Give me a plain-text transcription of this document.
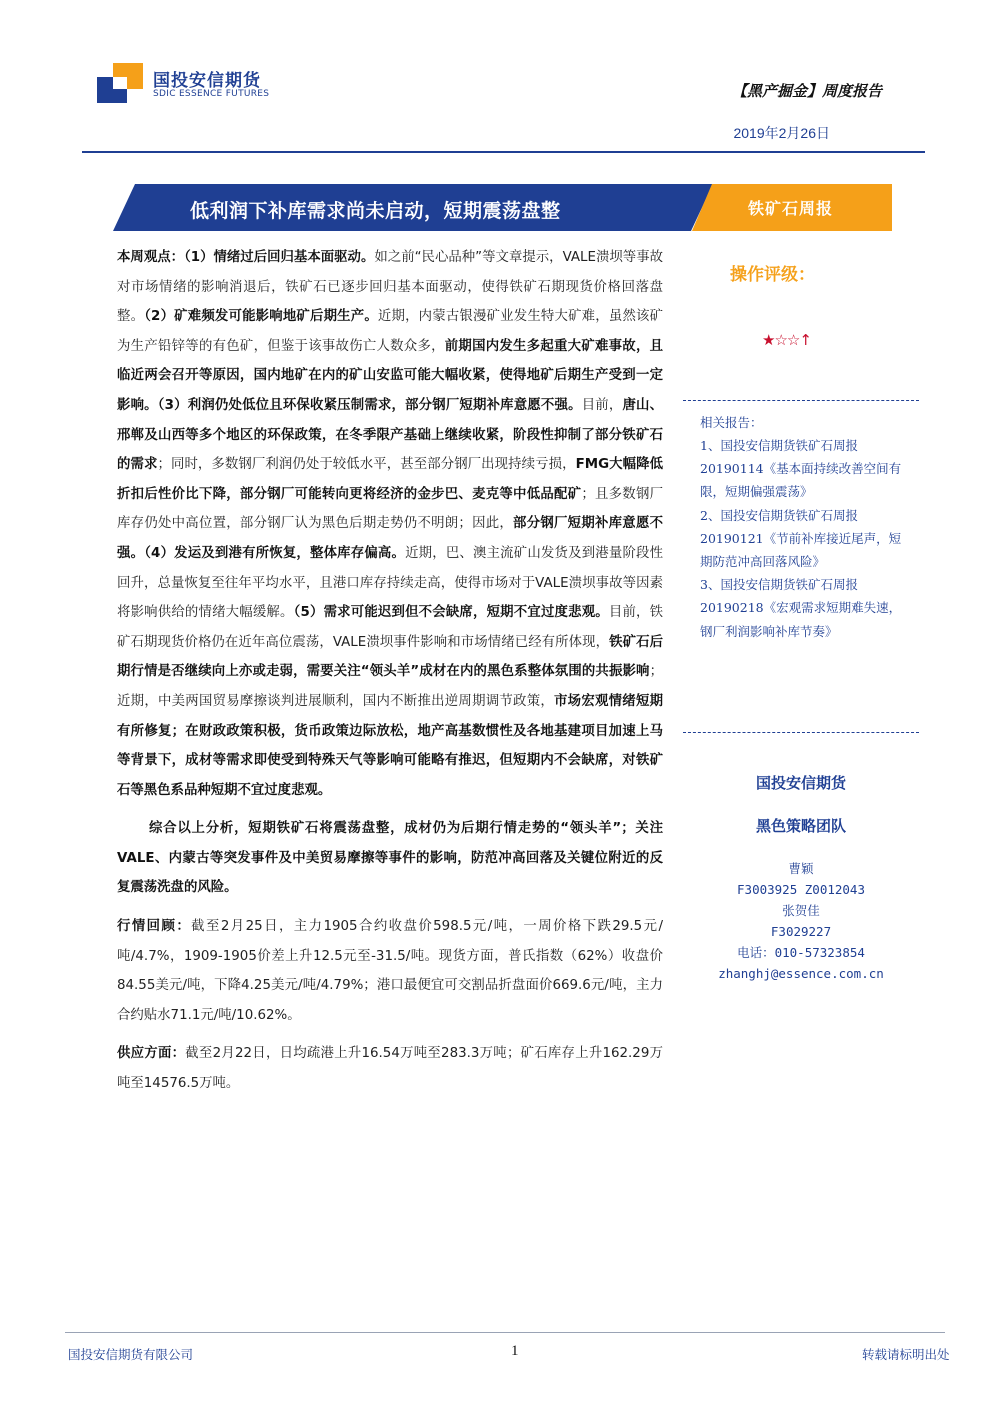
国投安信期货
SDIC ESSENCE FUTURES	【黑产掘金】周度报告
2019年2月26日
低利润下补库需求尚未启动，短期震荡盘整	铁矿石周报

本周观点：（1）情绪过后回归基本面驱动。如之前“民心品种”等文章提示，VALE溃坝等事故对市场情绪的影响消退后，铁矿石已逐步回归基本面驱动，使得铁矿石期现货价格回落盘整。（2）矿难频发可能影响地矿后期生产。近期，内蒙古银漫矿业发生特大矿难，虽然该矿为生产铅锌等的有色矿，但鉴于该事故伤亡人数众多，前期国内发生多起重大矿难事故，且临近两会召开等原因，国内地矿在内的矿山安监可能大幅收紧，使得地矿后期生产受到一定影响。（3）利润仍处低位且环保收紧压制需求，部分钢厂短期补库意愿不强。目前，唐山、邢郸及山西等多个地区的环保政策，在冬季限产基础上继续收紧，阶段性抑制了部分铁矿石的需求；同时，多数钢厂利润仍处于较低水平，甚至部分钢厂出现持续亏损，FMG大幅降低折扣后性价比下降，部分钢厂可能转向更将经济的金步巴、麦克等中低品配矿；且多数钢厂库存仍处中高位置，部分钢厂认为黑色后期走势仍不明朗；因此，部分钢厂短期补库意愿不强。（4）发运及到港有所恢复，整体库存偏高。近期，巴、澳主流矿山发货及到港量阶段性回升，总量恢复至往年平均水平，且港口库存持续走高，使得市场对于VALE溃坝事故等因素将影响供给的情绪大幅缓解。（5）需求可能迟到但不会缺席，短期不宜过度悲观。目前，铁矿石期现货价格仍在近年高位震荡，VALE溃坝事件影响和市场情绪已经有所体现，铁矿石后期行情是否继续向上亦或走弱，需要关注“领头羊”成材在内的黑色系整体氛围的共振影响；近期，中美两国贸易摩擦谈判进展顺利，国内不断推出逆周期调节政策，市场宏观情绪短期有所修复；在财政政策积极，货币政策边际放松，地产高基数惯性及各地基建项目加速上马等背景下，成材等需求即使受到特殊天气等影响可能略有推迟，但短期内不会缺席，对铁矿石等黑色系品种短期不宜过度悲观。

综合以上分析，短期铁矿石将震荡盘整，成材仍为后期行情走势的“领头羊”；关注VALE、内蒙古等突发事件及中美贸易摩擦等事件的影响，防范冲高回落及关键位附近的反复震荡洗盘的风险。

行情回顾：截至2月25日，主力1905合约收盘价598.5元/吨，一周价格下跌29.5元/吨/4.7%，1909-1905价差上升12.5元至-31.5/吨。现货方面，普氏指数（62%）收盘价84.55美元/吨，下降4.25美元/吨/4.79%；港口最便宜可交割品折盘面价669.6元/吨，主力合约贴水71.1元/吨/10.62%。

供应方面：截至2月22日，日均疏港上升16.54万吨至283.3万吨；矿石库存上升162.29万吨至14576.5万吨。

操作评级：
★☆☆↑
相关报告：

1、国投安信期货铁矿石周报20190114《基本面持续改善空间有限，短期偏强震荡》

2、国投安信期货铁矿石周报20190121《节前补库接近尾声，短期防范冲高回落风险》

3、国投安信期货铁矿石周报20190218《宏观需求短期难失速，钢厂利润影响补库节奏》

国投安信期货
黑色策略团队
曹颖
F3003925 Z0012043
张贺佳
F3029227
电话：010-57323854
zhanghj@essence.com.cn
国投安信期货有限公司	1	转载请标明出处
